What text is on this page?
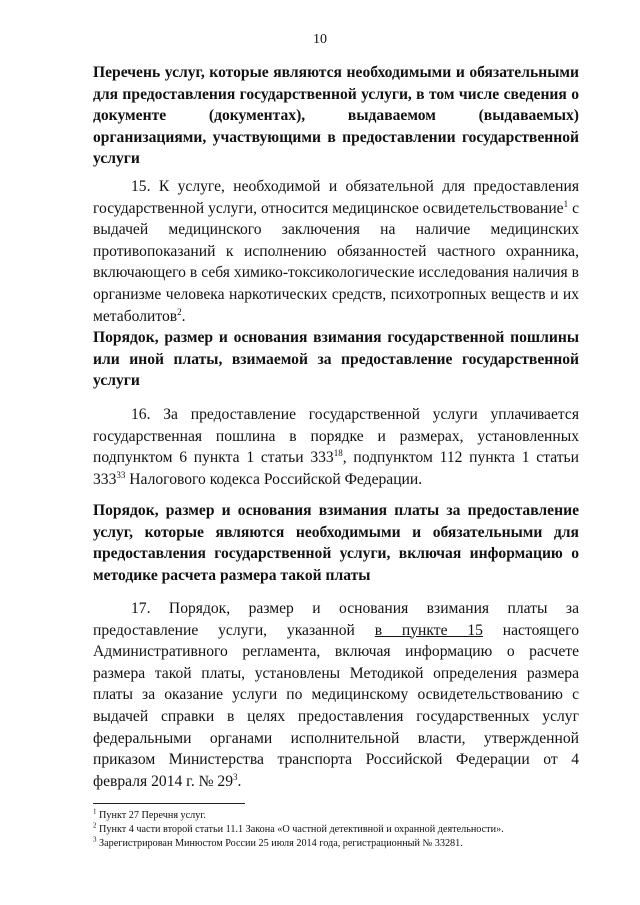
10
Перечень услуг, которые являются необходимыми и обязательными для предоставления государственной услуги, в том числе сведения о документе (документах), выдаваемом (выдаваемых) организациями, участвующими в предоставлении государственной услуги
15. К услуге, необходимой и обязательной для предоставления государственной услуги, относится медицинское освидетельствование$^1$ с выдачей медицинского заключения на наличие медицинских противопоказаний к исполнению обязанностей частного охранника, включающего в себя химико-токсикологические исследования наличия в организме человека наркотических средств, психотропных веществ и их метаболитов$^2$.
Порядок, размер и основания взимания государственной пошлины или иной платы, взимаемой за предоставление государственной услуги
16. За предоставление государственной услуги уплачивается государственная пошлина в порядке и размерах, установленных подпунктом 6 пункта 1 статьи $333^{18}$, подпунктом 112 пункта 1 статьи $333^{33}$ Налогового кодекса Российской Федерации.
Порядок, размер и основания взимания платы за предоставление услуг, которые являются необходимыми и обязательными для предоставления государственной услуги, включая информацию о методике расчета размера такой платы
17. Порядок, размер и основания взимания платы за предоставление услуги, указанной в пункте 15 настоящего Административного регламента, включая информацию о расчете размера такой платы, установлены Методикой определения размера платы за оказание услуги по медицинскому освидетельствованию с выдачей справки в целях предоставления государственных услуг федеральными органами исполнительной власти, утвержденной приказом Министерства транспорта Российской Федерации от 4 февраля 2014 г. № $29^3$.
$^1$ Пункт 27 Перечня услуг.
$^2$ Пункт 4 части второй статьи 11.1 Закона «О частной детективной и охранной деятельности».
$^3$ Зарегистрирован Минюстом России 25 июля 2014 года, регистрационный № 33281.
